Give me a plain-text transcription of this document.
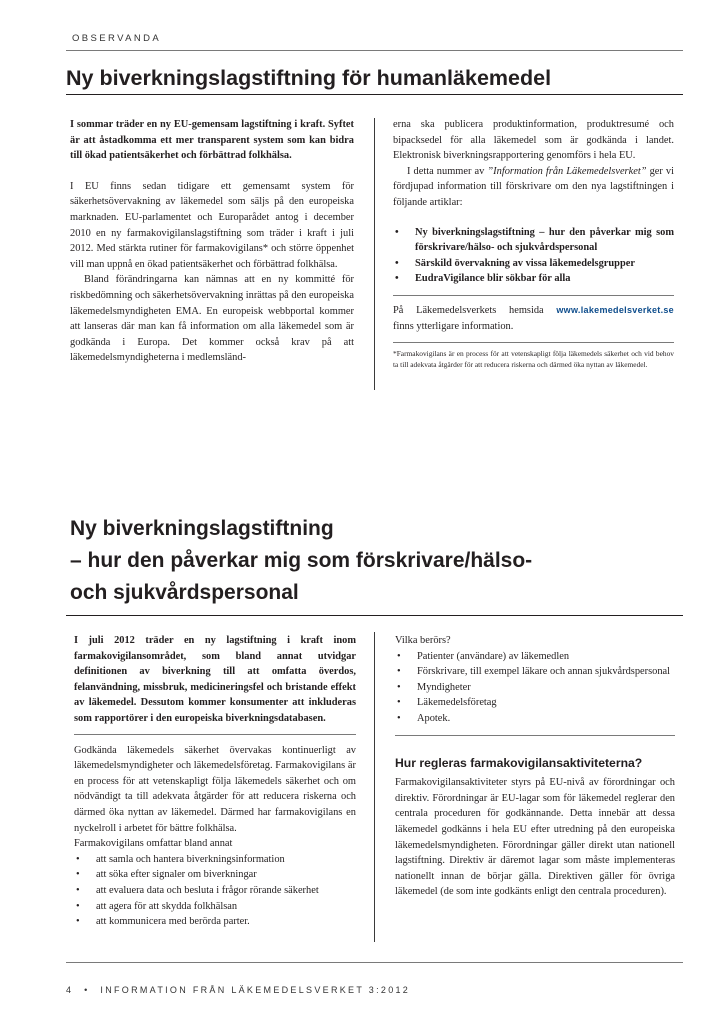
OBSERVANDA
Ny biverkningslagstiftning för humanläkemedel

I sommar träder en ny EU-gemensam lagstiftning i kraft. Syftet är att åstadkomma ett mer transparent system som kan bidra till ökad patientsäkerhet och förbättrad folkhälsa.

I EU finns sedan tidigare ett gemensamt system för säkerhetsövervakning av läkemedel som säljs på den europeiska marknaden. EU-parlamentet och Europarådet antog i december 2010 en ny farmakovigilanslagstiftning som träder i kraft i juli 2012. Med stärkta rutiner för farmakovigilans* och större öppenhet vill man uppnå en ökad patientsäkerhet och förbättrad folkhälsa.

Bland förändringarna kan nämnas att en ny kommitté för riskbedömning och säkerhetsövervakning inrättas på den europeiska läkemedelsmyndigheten EMA. En europeisk webbportal kommer att lanseras där man kan få information om alla läkemedel som är godkända i Europa. Det kommer också krav på att läkemedelsmyndigheterna i medlemsländ-

erna ska publicera produktinformation, produktresumé och bipacksedel för alla läkemedel som är godkända i landet. Elektronisk biverkningsrapportering genomförs i hela EU.

I detta nummer av ”Information från Läkemedelsverket” ger vi fördjupad information till förskrivare om den nya lagstiftningen i följande artiklar:

• Ny biverkningslagstiftning – hur den påverkar mig som förskrivare/hälso- och sjukvårdspersonal
• Särskild övervakning av vissa läkemedelsgrupper
• EudraVigilance blir sökbar för alla

På Läkemedelsverkets hemsida www.lakemedelsverket.se

finns ytterligare information.

*Farmakovigilans är en process för att vetenskapligt följa läkemedels säkerhet och vid behov ta till adekvata åtgärder för att reducera riskerna och därmed öka nyttan av läkemedel.

Ny biverkningslagstiftning
– hur den påverkar mig som förskrivare/hälso-
och sjukvårdspersonal

I juli 2012 träder en ny lagstiftning i kraft inom farmakovigilansområdet, som bland annat utvidgar definitionen av biverkning till att omfatta överdos, felanvändning, missbruk, medicineringsfel och bristande effekt av läkemedel. Dessutom kommer konsumenter att inkluderas som rapportörer i den europeiska biverkningsdatabasen.

Godkända läkemedels säkerhet övervakas kontinuerligt av läkemedelsmyndigheter och läkemedelsföretag. Farmakovigilans är en process för att vetenskapligt följa läkemedels säkerhet och om nödvändigt ta till adekvata åtgärder för att reducera riskerna och därmed öka nyttan av läkemedel. Därmed har farmakovigilans en nyckelroll i arbetet för bättre folkhälsa.

Farmakovigilans omfattar bland annat

• att samla och hantera biverkningsinformation
• att söka efter signaler om biverkningar
• att evaluera data och besluta i frågor rörande säkerhet
• att agera för att skydda folkhälsan
• att kommunicera med berörda parter.

Vilka berörs?

• Patienter (användare) av läkemedlen
• Förskrivare, till exempel läkare och annan sjukvårdspersonal
• Myndigheter
• Läkemedelsföretag
• Apotek.
Hur regleras farmakovigilansaktiviteterna?

Farmakovigilansaktiviteter styrs på EU-nivå av förordningar och direktiv. Förordningar är EU-lagar som för läkemedel reglerar den centrala proceduren för godkännande. Detta innebär att dessa läkemedel godkänns i hela EU efter utredning på den europeiska läkemedelsmyndigheten. Förordningar gäller direkt utan nationell lagstiftning. Direktiv är däremot lagar som måste implementeras nationellt innan de börjar gälla. Direktiven gäller för övriga läkemedel (de som inte godkänts enligt den centrala proceduren).

4 • INFORMATION FRÅN LÄKEMEDELSVERKET 3:2012
